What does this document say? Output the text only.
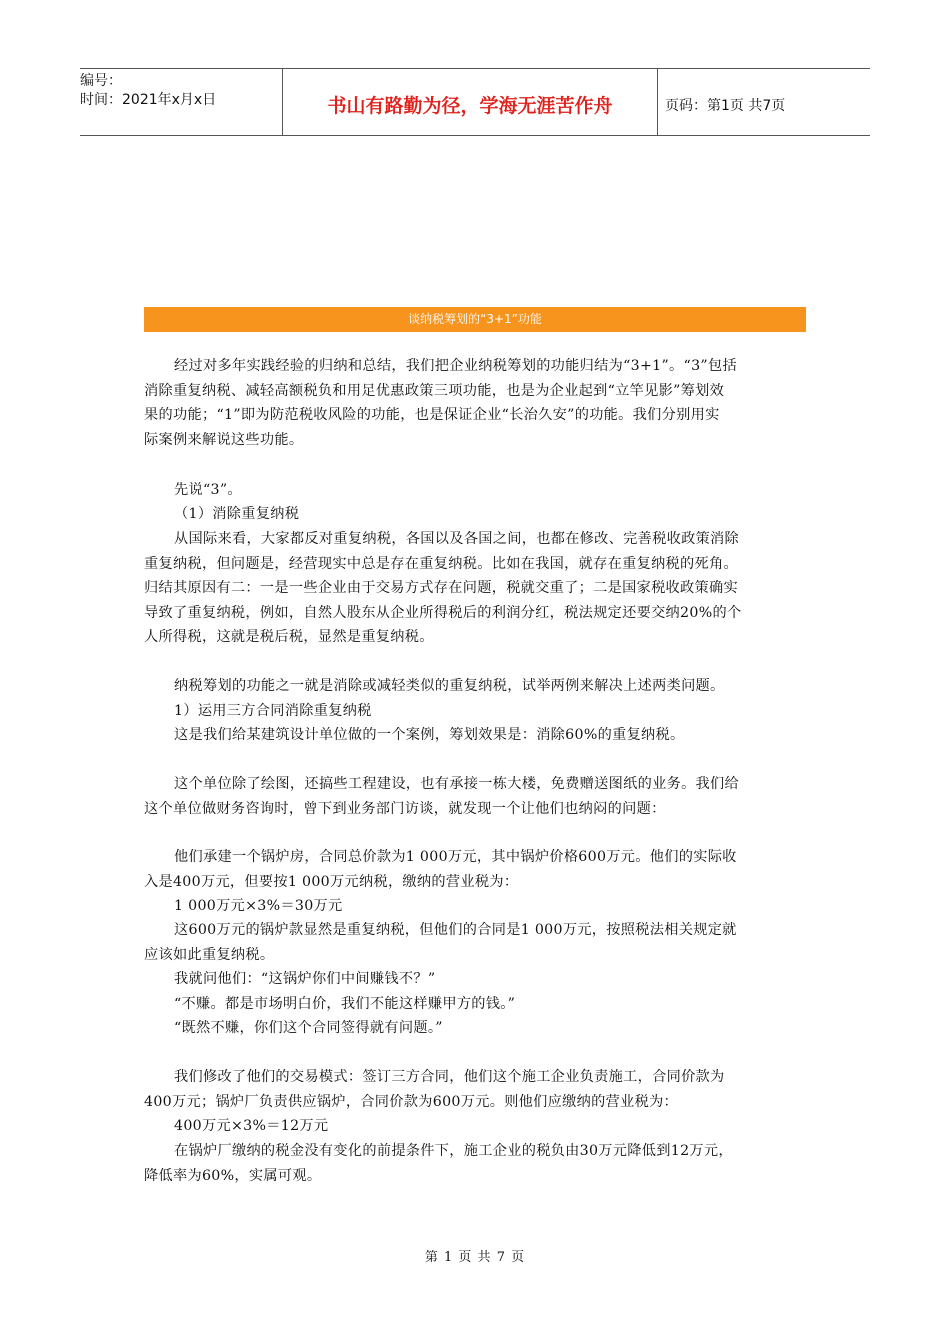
编号：
时间：2021年x月x日	书山有路勤为径，学海无涯苦作舟	页码：第1页 共7页
谈纳税筹划的“3+1”功能
经过对多年实践经验的归纳和总结，我们把企业纳税筹划的功能归结为“3+1”。“3”包括
消除重复纳税、减轻高额税负和用足优惠政策三项功能，也是为企业起到“立竿见影”筹划效
果的功能；“1”即为防范税收风险的功能，也是保证企业“长治久安”的功能。我们分别用实
际案例来解说这些功能。
先说“3”。
（1）消除重复纳税
从国际来看，大家都反对重复纳税，各国以及各国之间，也都在修改、完善税收政策消除
重复纳税，但问题是，经营现实中总是存在重复纳税。比如在我国，就存在重复纳税的死角。
归结其原因有二：一是一些企业由于交易方式存在问题，税就交重了；二是国家税收政策确实
导致了重复纳税，例如，自然人股东从企业所得税后的利润分红，税法规定还要交纳20%的个
人所得税，这就是税后税，显然是重复纳税。
纳税筹划的功能之一就是消除或减轻类似的重复纳税，试举两例来解决上述两类问题。
1）运用三方合同消除重复纳税
这是我们给某建筑设计单位做的一个案例，筹划效果是：消除60%的重复纳税。
这个单位除了绘图，还搞些工程建设，也有承接一栋大楼，免费赠送图纸的业务。我们给
这个单位做财务咨询时，曾下到业务部门访谈，就发现一个让他们也纳闷的问题：
他们承建一个锅炉房，合同总价款为1 000万元，其中锅炉价格600万元。他们的实际收
入是400万元，但要按1 000万元纳税，缴纳的营业税为：
1 000万元×3%＝30万元
这600万元的锅炉款显然是重复纳税，但他们的合同是1 000万元，按照税法相关规定就
应该如此重复纳税。
我就问他们：“这锅炉你们中间赚钱不？”
“不赚。都是市场明白价，我们不能这样赚甲方的钱。”
“既然不赚，你们这个合同签得就有问题。”
我们修改了他们的交易模式：签订三方合同，他们这个施工企业负责施工，合同价款为
400万元；锅炉厂负责供应锅炉，合同价款为600万元。则他们应缴纳的营业税为：
400万元×3%＝12万元
在锅炉厂缴纳的税金没有变化的前提条件下，施工企业的税负由30万元降低到12万元，
降低率为60%，实属可观。
第 1 页 共 7 页
